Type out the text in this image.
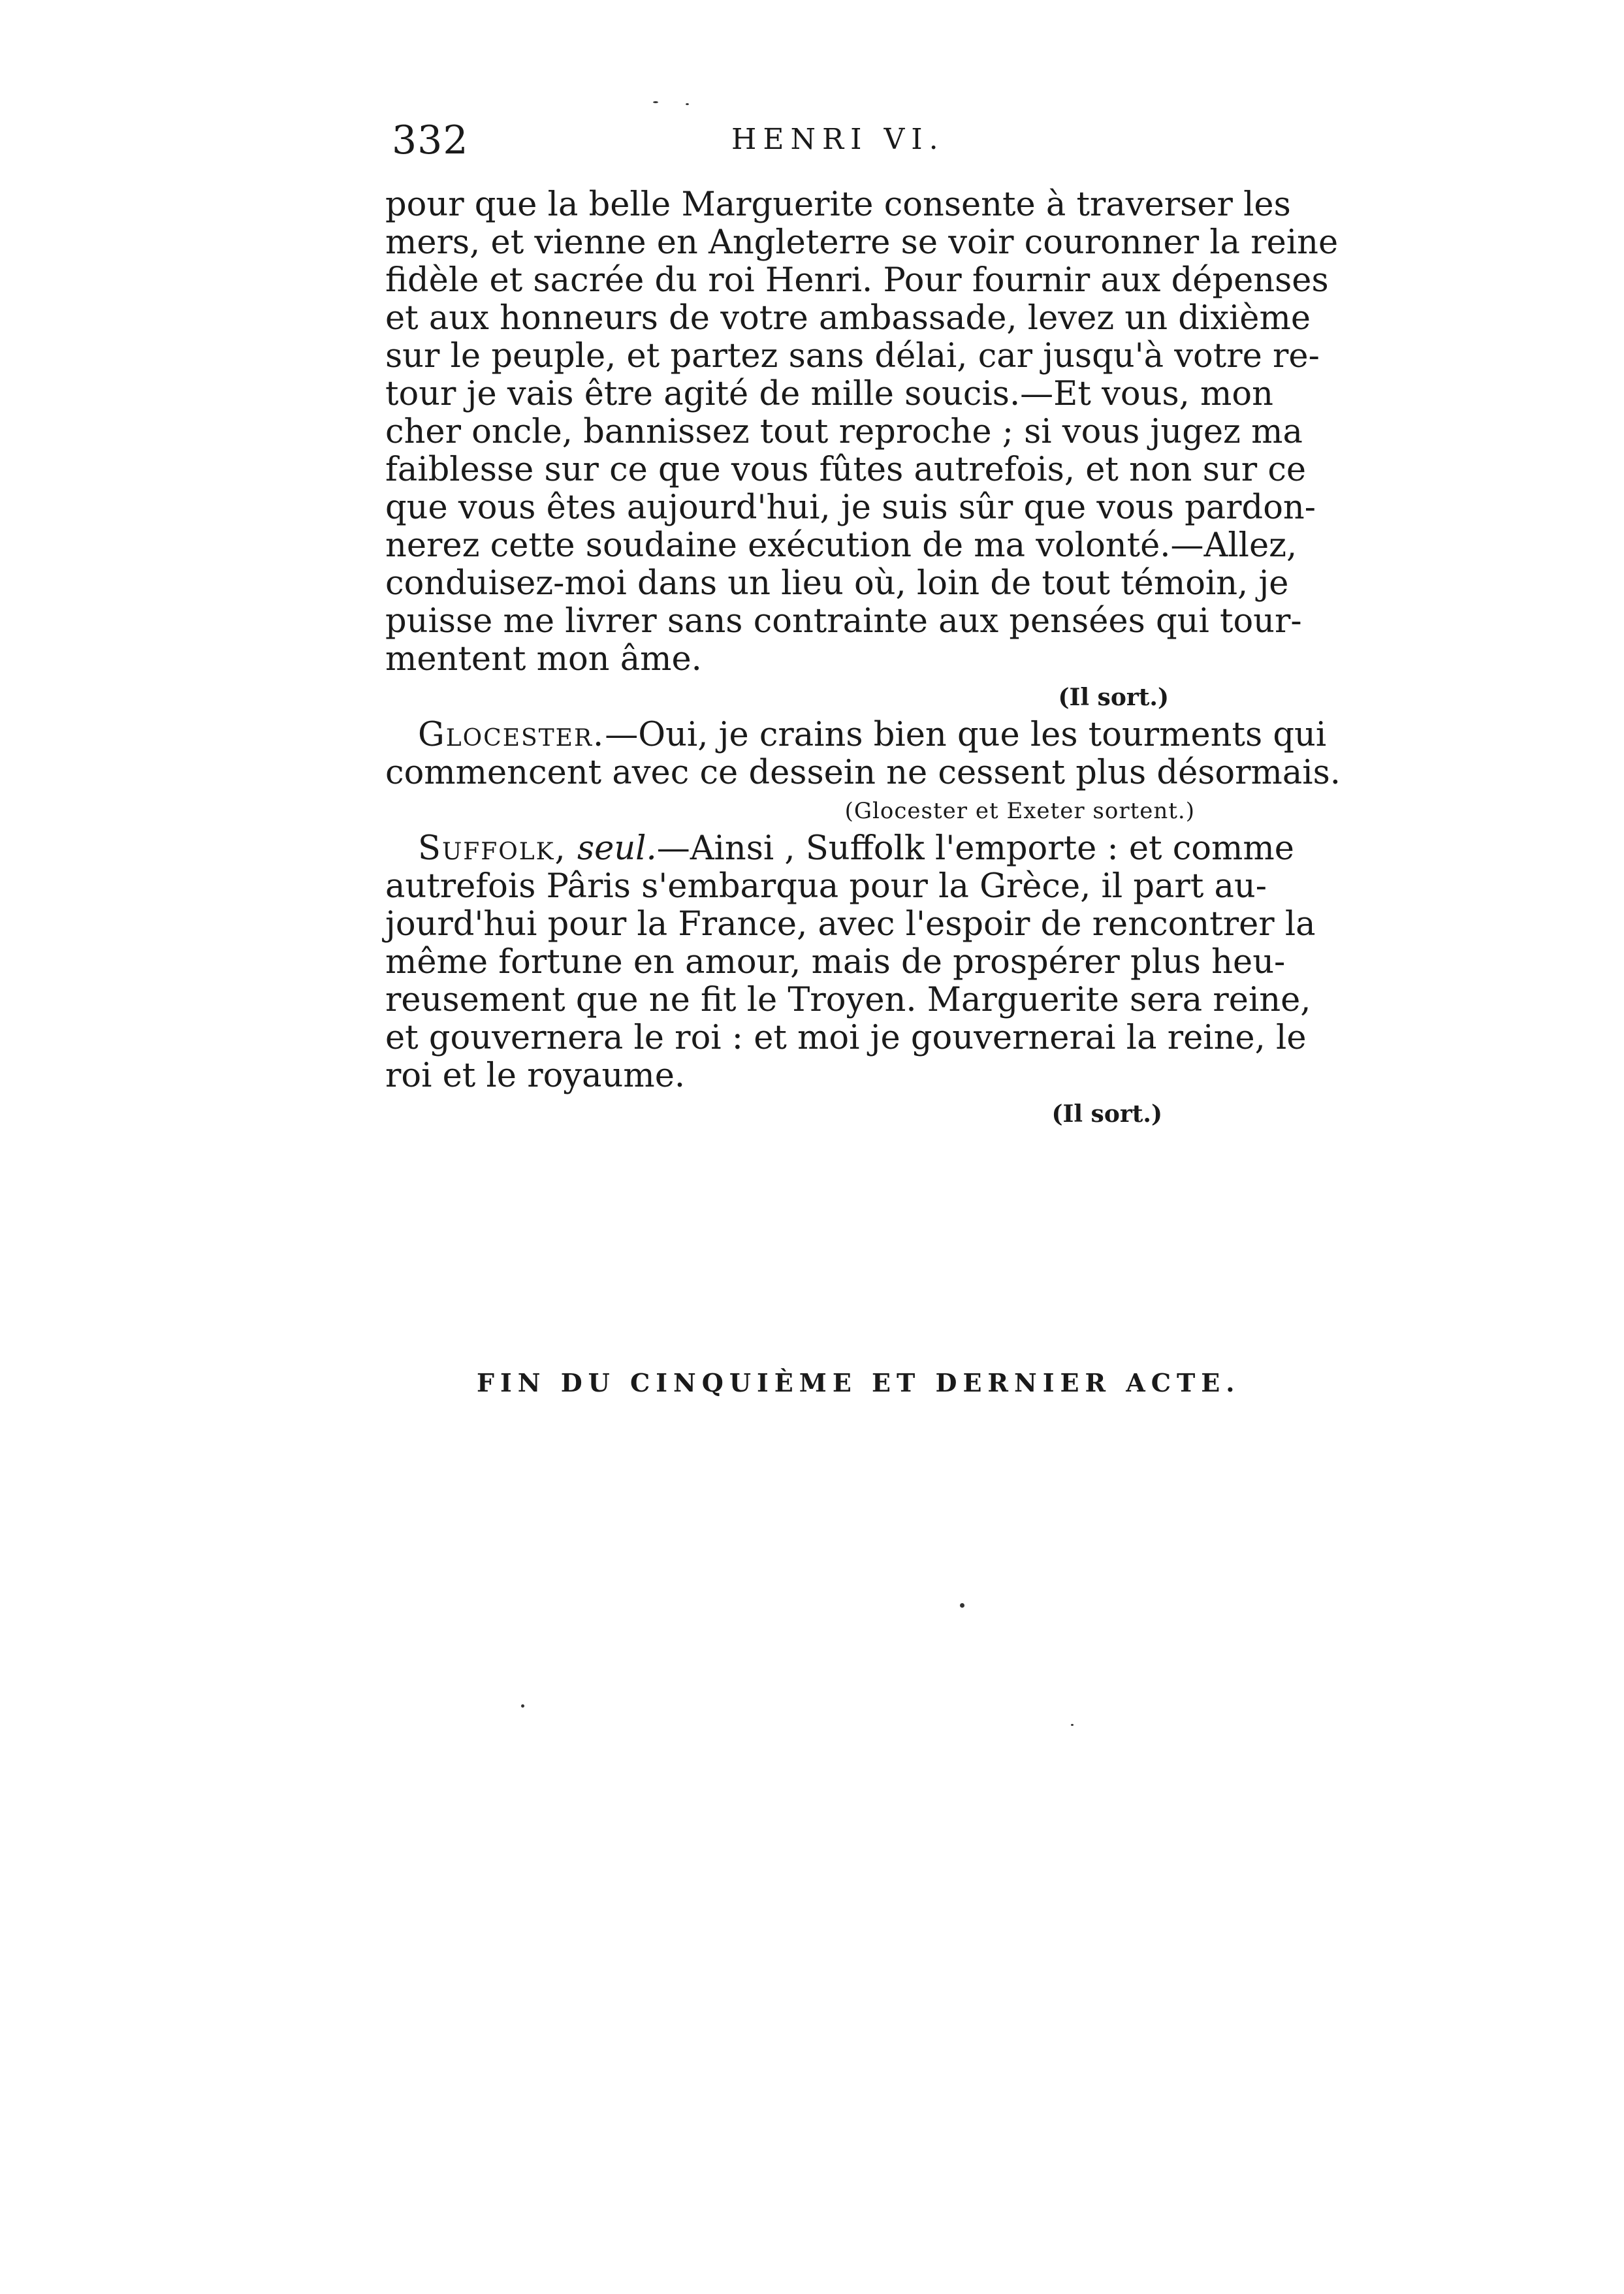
332	HENRI VI.
pour que la belle Marguerite consente à traverser les
mers, et vienne en Angleterre se voir couronner la reine
fidèle et sacrée du roi Henri. Pour fournir aux dépenses
et aux honneurs de votre ambassade, levez un dixième
sur le peuple, et partez sans délai, car jusqu'à votre re-
tour je vais être agité de mille soucis.—Et vous, mon
cher oncle, bannissez tout reproche ; si vous jugez ma
faiblesse sur ce que vous fûtes autrefois, et non sur ce
que vous êtes aujourd'hui, je suis sûr que vous pardon-
nerez cette soudaine exécution de ma volonté.—Allez,
conduisez-moi dans un lieu où, loin de tout témoin, je
puisse me livrer sans contrainte aux pensées qui tour-
mentent mon âme.
(Il sort.)
Glocester.—Oui, je crains bien que les tourments qui
commencent avec ce dessein ne cessent plus désormais.
(Glocester et Exeter sortent.)
Suffolk, seul.—Ainsi , Suffolk l'emporte : et comme
autrefois Pâris s'embarqua pour la Grèce, il part au-
jourd'hui pour la France, avec l'espoir de rencontrer la
même fortune en amour, mais de prospérer plus heu-
reusement que ne fit le Troyen. Marguerite sera reine,
et gouvernera le roi : et moi je gouvernerai la reine, le
roi et le royaume.
(Il sort.)
FIN DU CINQUIÈME ET DERNIER ACTE.
